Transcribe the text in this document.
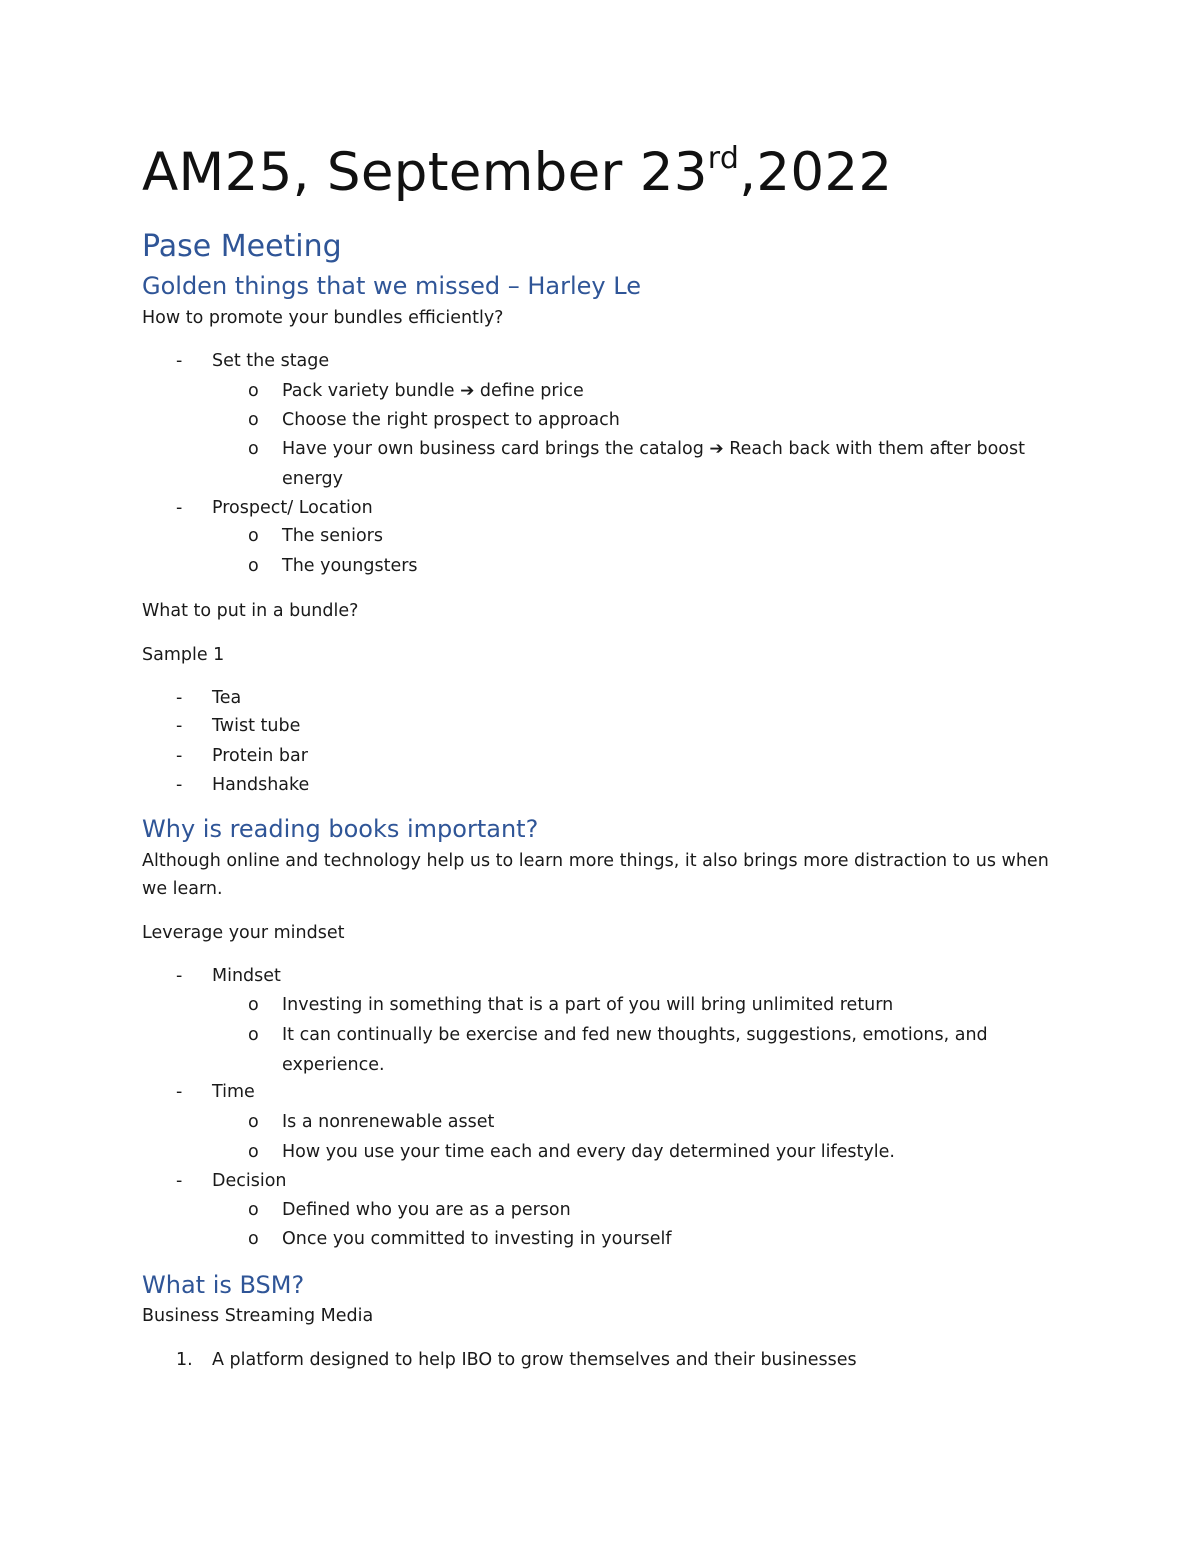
AM25, September 23rd,2022
Pase Meeting
Golden things that we missed – Harley Le

How to promote your bundles efficiently?

- Set the stage
o Pack variety bundle ➔ define price
o Choose the right prospect to approach
o Have your own business card brings the catalog ➔ Reach back with them after boost energy
- Prospect/ Location
o The seniors
o The youngsters

What to put in a bundle?

Sample 1

- Tea
- Twist tube
- Protein bar
- Handshake
Why is reading books important?

Although online and technology help us to learn more things, it also brings more distraction to us when we learn.

Leverage your mindset

- Mindset
o Investing in something that is a part of you will bring unlimited return
o It can continually be exercise and fed new thoughts, suggestions, emotions, and experience.
- Time
o Is a nonrenewable asset
o How you use your time each and every day determined your lifestyle.
- Decision
o Defined who you are as a person
o Once you committed to investing in yourself
What is BSM?

Business Streaming Media

1. A platform designed to help IBO to grow themselves and their businesses
